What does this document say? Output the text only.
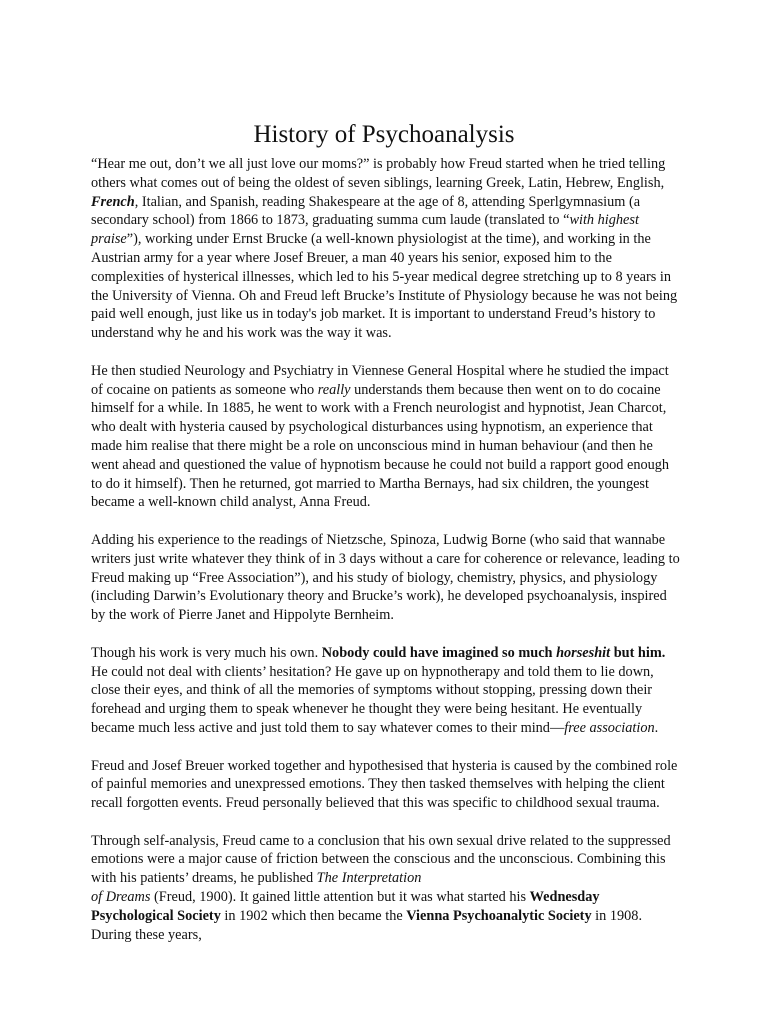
History of Psychoanalysis

“Hear me out, don’t we all just love our moms?” is probably how Freud started when he tried telling others what comes out of being the oldest of seven siblings, learning Greek, Latin, Hebrew, English, French, Italian, and Spanish, reading Shakespeare at the age of 8, attending Sperlgymnasium (a secondary school) from 1866 to 1873, graduating summa cum laude (translated to “with highest praise”), working under Ernst Brucke (a well-known physiologist at the time), and working in the Austrian army for a year where Josef Breuer, a man 40 years his senior, exposed him to the complexities of hysterical illnesses, which led to his 5-year medical degree stretching up to 8 years in the University of Vienna. Oh and Freud left Brucke’s Institute of Physiology because he was not being paid well enough, just like us in today's job market. It is important to understand Freud’s history to understand why he and his work was the way it was.

He then studied Neurology and Psychiatry in Viennese General Hospital where he studied the impact of cocaine on patients as someone who really understands them because then went on to do cocaine himself for a while. In 1885, he went to work with a French neurologist and hypnotist, Jean Charcot, who dealt with hysteria caused by psychological disturbances using hypnotism, an experience that made him realise that there might be a role on unconscious mind in human behaviour (and then he went ahead and questioned the value of hypnotism because he could not build a rapport good enough to do it himself). Then he returned, got married to Martha Bernays, had six children, the youngest became a well-known child analyst, Anna Freud.

Adding his experience to the readings of Nietzsche, Spinoza, Ludwig Borne (who said that wannabe writers just write whatever they think of in 3 days without a care for coherence or relevance, leading to Freud making up “Free Association”), and his study of biology, chemistry, physics, and physiology (including Darwin’s Evolutionary theory and Brucke’s work), he developed psychoanalysis, inspired by the work of Pierre Janet and Hippolyte Bernheim.

Though his work is very much his own. Nobody could have imagined so much horseshit but him. He could not deal with clients’ hesitation? He gave up on hypnotherapy and told them to lie down, close their eyes, and think of all the memories of symptoms without stopping, pressing down their forehead and urging them to speak whenever he thought they were being hesitant. He eventually became much less active and just told them to say whatever comes to their mind—free association.

Freud and Josef Breuer worked together and hypothesised that hysteria is caused by the combined role of painful memories and unexpressed emotions. They then tasked themselves with helping the client recall forgotten events. Freud personally believed that this was specific to childhood sexual trauma.

Through self-analysis, Freud came to a conclusion that his own sexual drive related to the suppressed emotions were a major cause of friction between the conscious and the unconscious. Combining this with his patients’ dreams, he published The Interpretation
of Dreams (Freud, 1900). It gained little attention but it was what started his Wednesday Psychological Society in 1902 which then became the Vienna Psychoanalytic Society in 1908. During these years,
